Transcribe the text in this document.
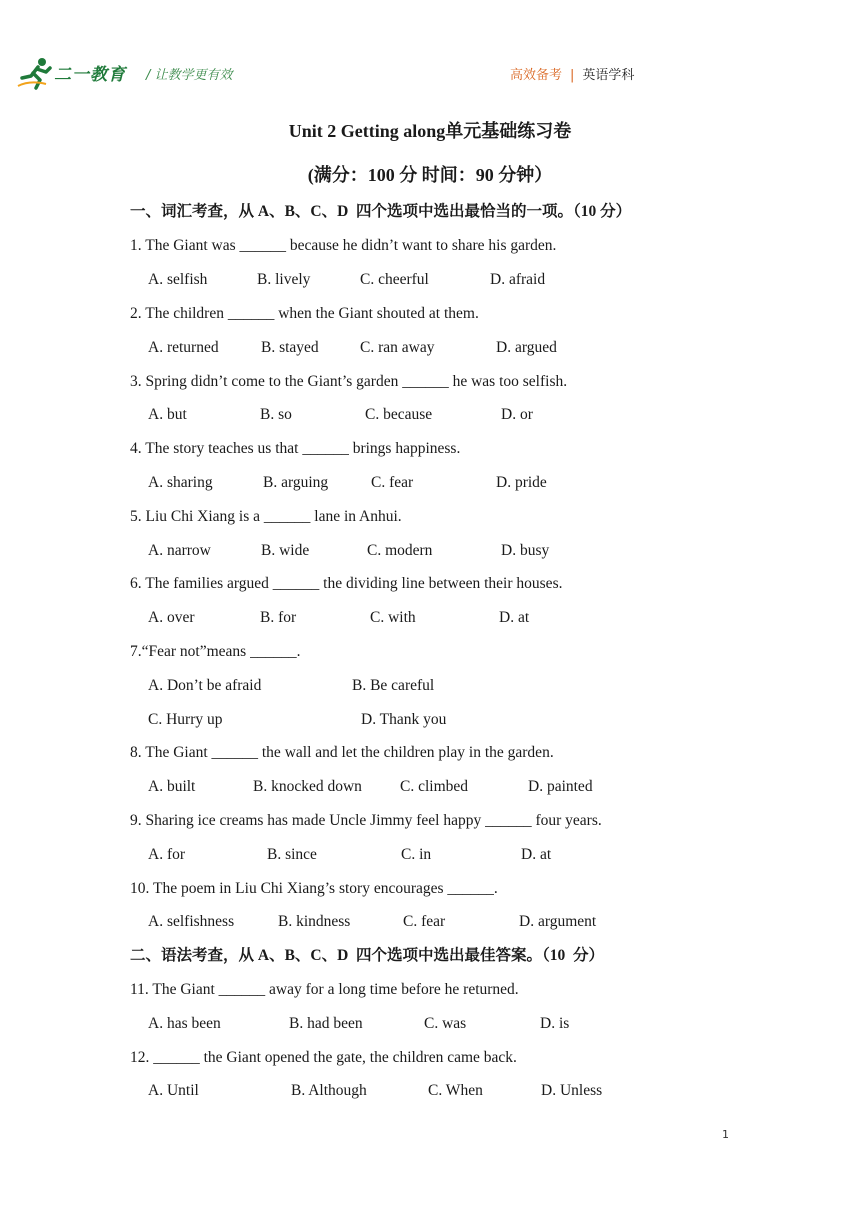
二一教育 / 让教学更有效	高效备考 | 英语学科
Unit 2 Getting along单元基础练习卷
(满分：100 分 时间：90 分钟）
一、词汇考查，从 A、B、C、D  四个选项中选出最恰当的一项。（10 分）
1. The Giant was ______ because he didn’t want to share his garden.
A. selfish	B. lively	C. cheerful	D. afraid
2. The children ______ when the Giant shouted at them.
A. returned	B. stayed	C. ran away	D. argued
3. Spring didn’t come to the Giant’s garden ______ he was too selfish.
A. but	B. so	C. because	D. or
4. The story teaches us that ______ brings happiness.
A. sharing	B. arguing	C. fear	D. pride
5. Liu Chi Xiang is a ______ lane in Anhui.
A. narrow	B. wide	C. modern	D. busy
6. The families argued ______ the dividing line between their houses.
A. over	B. for	C. with	D. at
7.“Fear not”means ______.
A. Don’t be afraid	B. Be careful
C. Hurry up	D. Thank you
8. The Giant ______ the wall and let the children play in the garden.
A. built	B. knocked down C. climbed	D. painted
9. Sharing ice creams has made Uncle Jimmy feel happy ______ four years.
A. for	B. since	C. in	D. at
10. The poem in Liu Chi Xiang’s story encourages ______.
A. selfishness	B. kindness	C. fear	D. argument
二、语法考查，从 A、B、C、D  四个选项中选出最佳答案。（10  分）
11. The Giant ______ away for a long time before he returned.
A. has been	B. had been	C. was	D. is
12. ______ the Giant opened the gate, the children came back.
A. Until	B. Although	C. When	D. Unless
1
